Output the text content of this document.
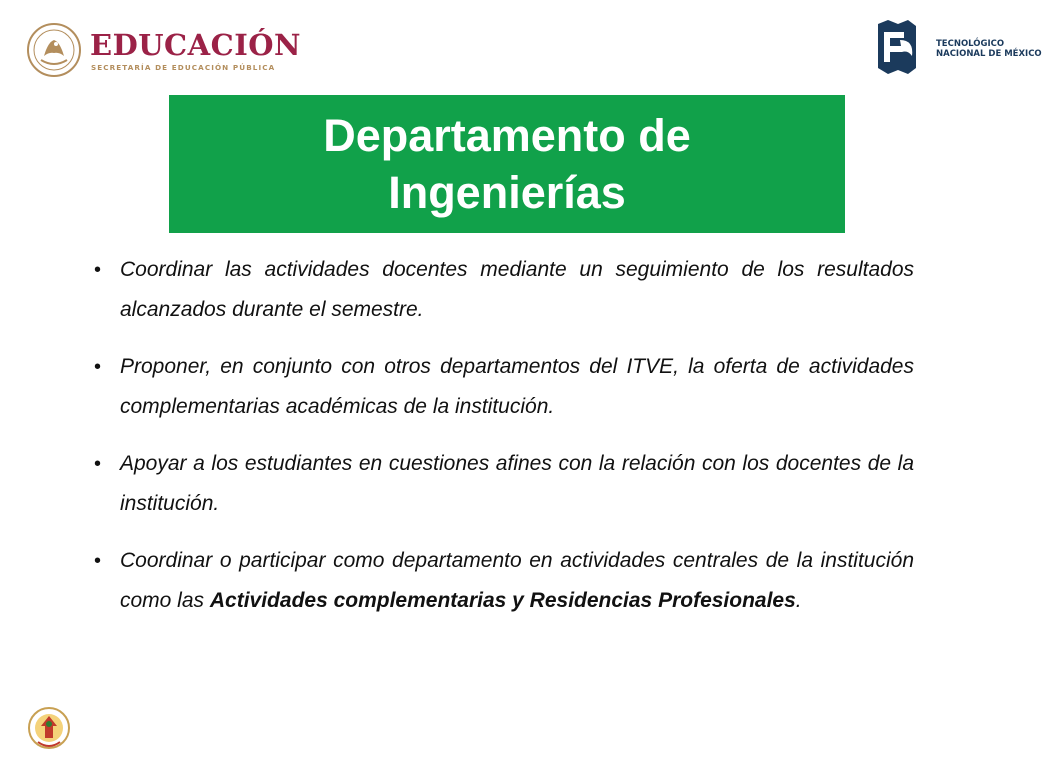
EDUCACIÓN
SECRETARÍA DE EDUCACIÓN PÚBLICA
TECNOLÓGICO
NACIONAL DE MÉXICO
Departamento de
Ingenierías
• Coordinar las actividades docentes mediante un seguimiento de los resultados alcanzados durante el semestre.
• Proponer, en conjunto con otros departamentos del ITVE, la oferta de actividades complementarias académicas de la institución.
• Apoyar a los estudiantes en cuestiones afines con la relación con los docentes de la institución.
• Coordinar o participar como departamento en actividades centrales de la institución como las Actividades complementarias y Residencias Profesionales.
